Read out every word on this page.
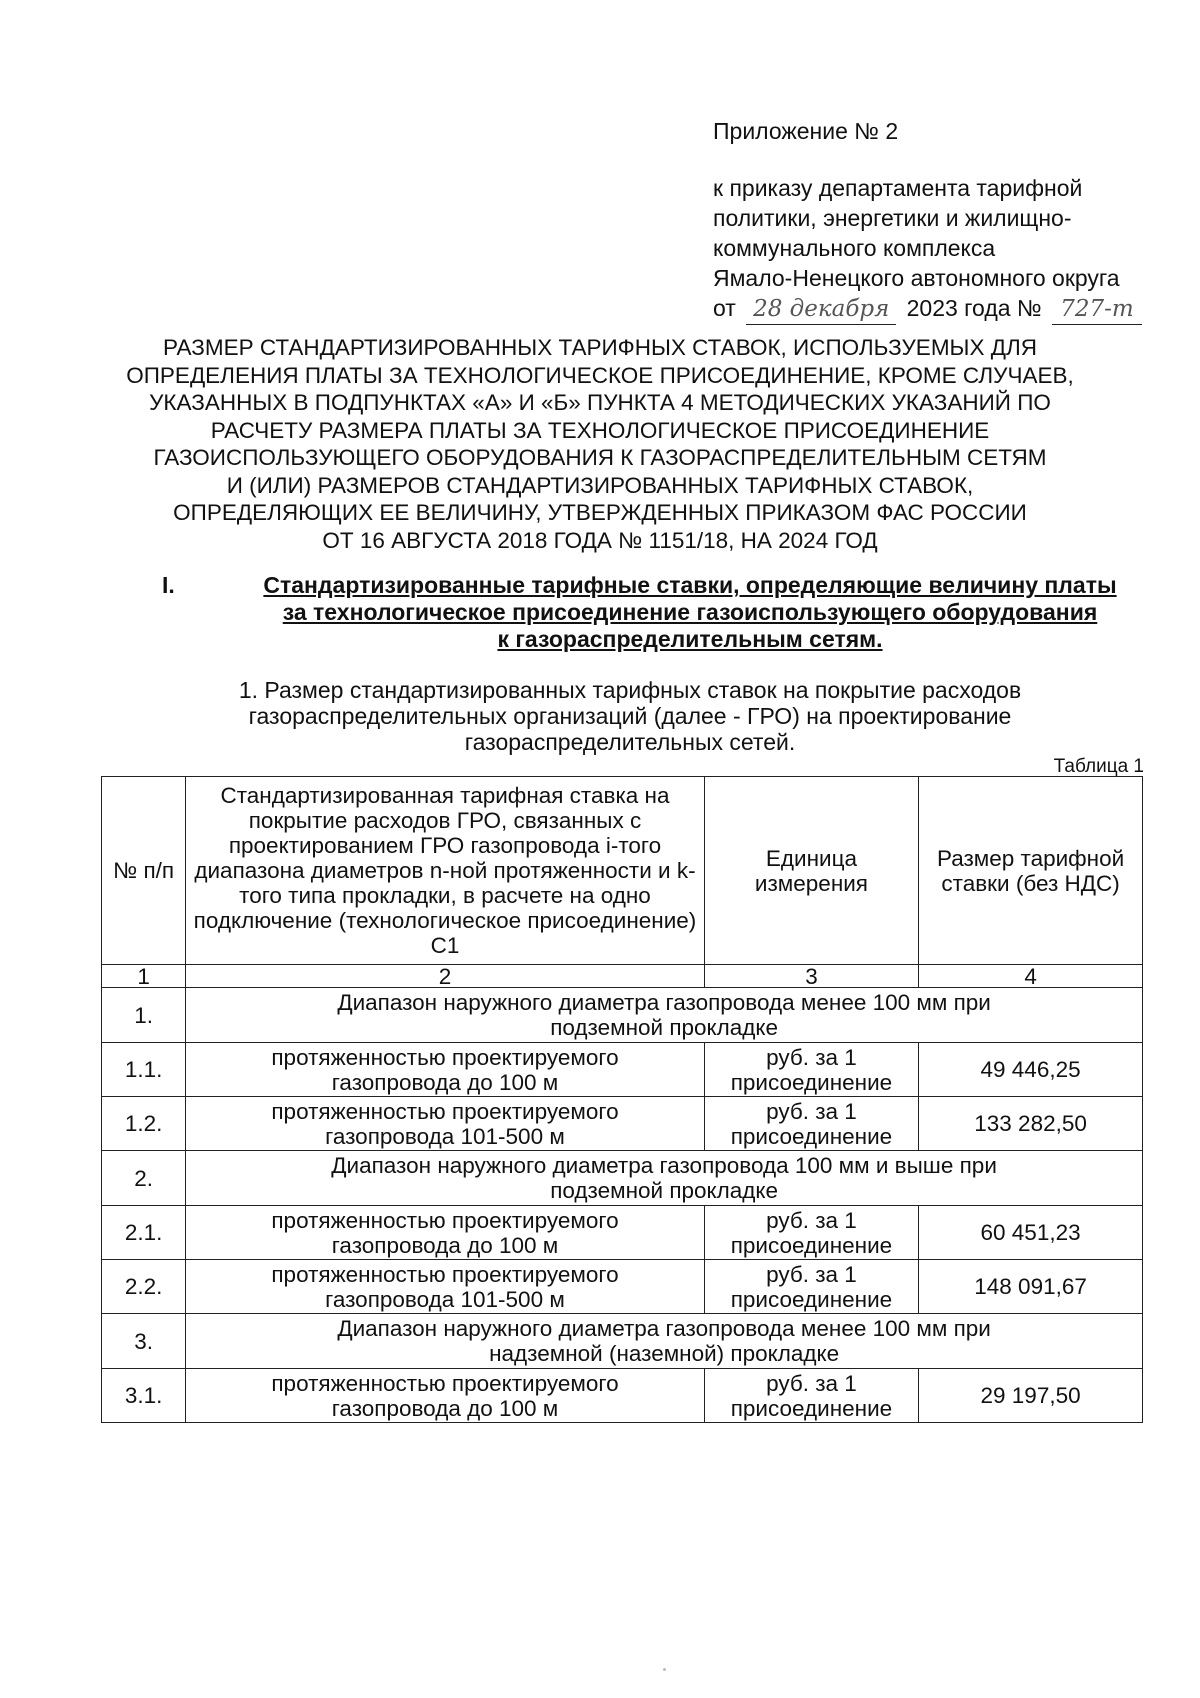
Приложение № 2
к приказу департамента тарифной
политики, энергетики и жилищно-
коммунального комплекса
Ямало-Ненецкого автономного округа
от 28 декабря 2023 года № 727-т
РАЗМЕР СТАНДАРТИЗИРОВАННЫХ ТАРИФНЫХ СТАВОК, ИСПОЛЬЗУЕМЫХ ДЛЯ
ОПРЕДЕЛЕНИЯ ПЛАТЫ ЗА ТЕХНОЛОГИЧЕСКОЕ ПРИСОЕДИНЕНИЕ, КРОМЕ СЛУЧАЕВ,
УКАЗАННЫХ В ПОДПУНКТАХ «А» И «Б» ПУНКТА 4 МЕТОДИЧЕСКИХ УКАЗАНИЙ ПО
РАСЧЕТУ РАЗМЕРА ПЛАТЫ ЗА ТЕХНОЛОГИЧЕСКОЕ ПРИСОЕДИНЕНИЕ
ГАЗОИСПОЛЬЗУЮЩЕГО ОБОРУДОВАНИЯ К ГАЗОРАСПРЕДЕЛИТЕЛЬНЫМ СЕТЯМ
И (ИЛИ) РАЗМЕРОВ СТАНДАРТИЗИРОВАННЫХ ТАРИФНЫХ СТАВОК,
ОПРЕДЕЛЯЮЩИХ ЕЕ ВЕЛИЧИНУ, УТВЕРЖДЕННЫХ ПРИКАЗОМ ФАС РОССИИ
ОТ 16 АВГУСТА 2018 ГОДА № 1151/18, НА 2024 ГОД
I.	Стандартизированные тарифные ставки, определяющие величину платы
за технологическое присоединение газоиспользующего оборудования
к газораспределительным сетям.
1. Размер стандартизированных тарифных ставок на покрытие расходов
газораспределительных организаций (далее - ГРО) на проектирование
газораспределительных сетей.
Таблица 1
№ п/п	Стандартизированная тарифная ставка на покрытие расходов ГРО, связанных с проектированием ГРО газопровода i-того диапазона диаметров n-ной протяженности и k-того типа прокладки, в расчете на одно подключение (технологическое присоединение) С1	Единица измерения	Размер тарифной ставки (без НДС)
1	2	3	4
1.	Диапазон наружного диаметра газопровода менее 100 мм при подземной прокладке		
1.1.	протяженностью проектируемого газопровода до 100 м	руб. за 1 присоединение	49 446,25
1.2.	протяженностью проектируемого газопровода 101-500 м	руб. за 1 присоединение	133 282,50
2.	Диапазон наружного диаметра газопровода 100 мм и выше при подземной прокладке		
2.1.	протяженностью проектируемого газопровода до 100 м	руб. за 1 присоединение	60 451,23
2.2.	протяженностью проектируемого газопровода 101-500 м	руб. за 1 присоединение	148 091,67
3.	Диапазон наружного диаметра газопровода менее 100 мм при надземной (наземной) прокладке		
3.1.	протяженностью проектируемого газопровода до 100 м	руб. за 1 присоединение	29 197,50
